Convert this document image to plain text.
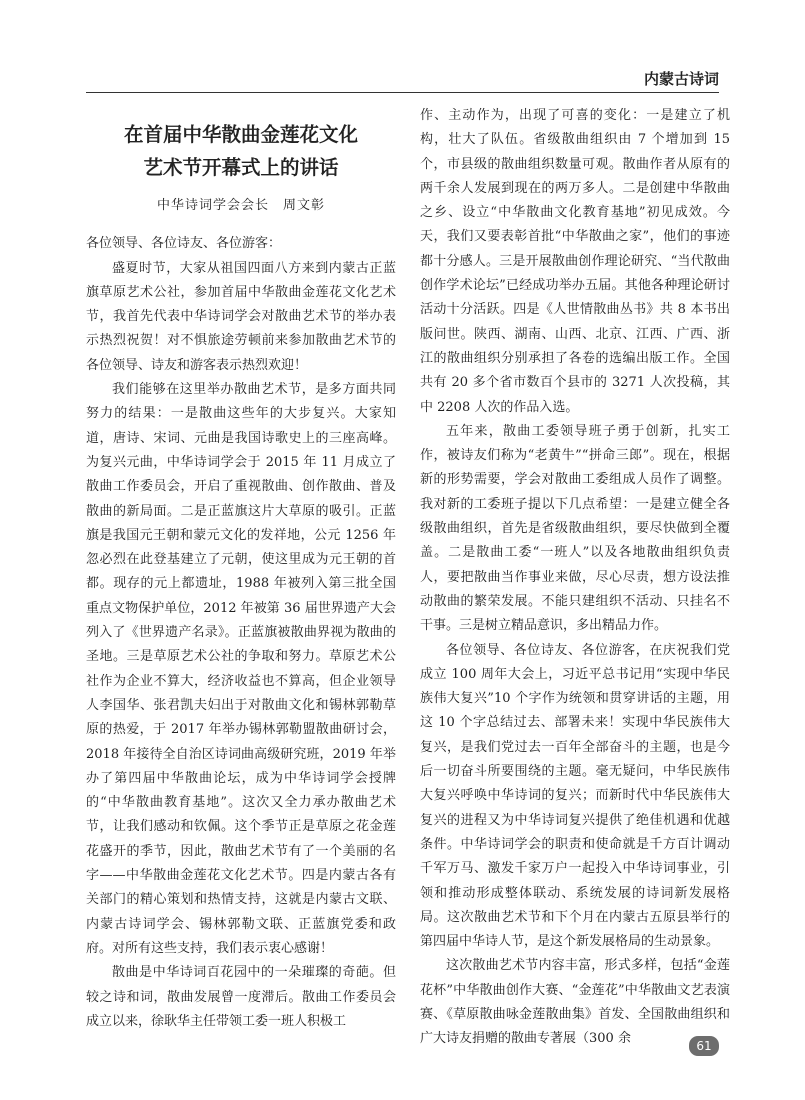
内蒙古诗词
在首届中华散曲金莲花文化
艺术节开幕式上的讲话
中华诗词学会会长　周文彰

各位领导、各位诗友、各位游客：

盛夏时节，大家从祖国四面八方来到内蒙古正蓝旗草原艺术公社，参加首届中华散曲金莲花文化艺术节，我首先代表中华诗词学会对散曲艺术节的举办表示热烈祝贺！对不惧旅途劳顿前来参加散曲艺术节的各位领导、诗友和游客表示热烈欢迎！

我们能够在这里举办散曲艺术节，是多方面共同努力的结果：一是散曲这些年的大步复兴。大家知道，唐诗、宋词、元曲是我国诗歌史上的三座高峰。为复兴元曲，中华诗词学会于 2015 年 11 月成立了散曲工作委员会，开启了重视散曲、创作散曲、普及散曲的新局面。二是正蓝旗这片大草原的吸引。正蓝旗是我国元王朝和蒙元文化的发祥地，公元 1256 年忽必烈在此登基建立了元朝，使这里成为元王朝的首都。现存的元上都遗址，1988 年被列入第三批全国重点文物保护单位，2012 年被第 36 届世界遗产大会列入了《世界遗产名录》。正蓝旗被散曲界视为散曲的圣地。三是草原艺术公社的争取和努力。草原艺术公社作为企业不算大，经济收益也不算高，但企业领导人李国华、张君凯夫妇出于对散曲文化和锡林郭勒草原的热爱，于 2017 年举办锡林郭勒盟散曲研讨会，2018 年接待全自治区诗词曲高级研究班，2019 年举办了第四届中华散曲论坛，成为中华诗词学会授牌的“中华散曲教育基地”。这次又全力承办散曲艺术节，让我们感动和钦佩。这个季节正是草原之花金莲花盛开的季节，因此，散曲艺术节有了一个美丽的名字——中华散曲金莲花文化艺术节。四是内蒙古各有关部门的精心策划和热情支持，这就是内蒙古文联、内蒙古诗词学会、锡林郭勒文联、正蓝旗党委和政府。对所有这些支持，我们表示衷心感谢！

散曲是中华诗词百花园中的一朵璀璨的奇葩。但较之诗和词，散曲发展曾一度滞后。散曲工作委员会成立以来，徐耿华主任带领工委一班人积极工

作、主动作为，出现了可喜的变化：一是建立了机构，壮大了队伍。省级散曲组织由 7 个增加到 15 个，市县级的散曲组织数量可观。散曲作者从原有的两千余人发展到现在的两万多人。二是创建中华散曲之乡、设立“中华散曲文化教育基地”初见成效。今天，我们又要表彰首批“中华散曲之家”，他们的事迹都十分感人。三是开展散曲创作理论研究、“当代散曲创作学术论坛”已经成功举办五届。其他各种理论研讨活动十分活跃。四是《人世情散曲丛书》共 8 本书出版问世。陕西、湖南、山西、北京、江西、广西、浙江的散曲组织分别承担了各卷的选编出版工作。全国共有 20 多个省市数百个县市的 3271 人次投稿，其中 2208 人次的作品入选。

五年来，散曲工委领导班子勇于创新，扎实工作，被诗友们称为“老黄牛”“拼命三郎”。现在，根据新的形势需要，学会对散曲工委组成人员作了调整。我对新的工委班子提以下几点希望：一是建立健全各级散曲组织，首先是省级散曲组织，要尽快做到全覆盖。二是散曲工委“一班人”以及各地散曲组织负责人，要把散曲当作事业来做，尽心尽责，想方设法推动散曲的繁荣发展。不能只建组织不活动、只挂名不干事。三是树立精品意识，多出精品力作。

各位领导、各位诗友、各位游客，在庆祝我们党成立 100 周年大会上，习近平总书记用“实现中华民族伟大复兴”10 个字作为统领和贯穿讲话的主题，用这 10 个字总结过去、部署未来！实现中华民族伟大复兴，是我们党过去一百年全部奋斗的主题，也是今后一切奋斗所要围绕的主题。毫无疑问，中华民族伟大复兴呼唤中华诗词的复兴；而新时代中华民族伟大复兴的进程又为中华诗词复兴提供了绝佳机遇和优越条件。中华诗词学会的职责和使命就是千方百计调动千军万马、激发千家万户一起投入中华诗词事业，引领和推动形成整体联动、系统发展的诗词新发展格局。这次散曲艺术节和下个月在内蒙古五原县举行的第四届中华诗人节，是这个新发展格局的生动景象。

这次散曲艺术节内容丰富，形式多样，包括“金莲花杯”中华散曲创作大赛、“金莲花”中华散曲文艺表演赛、《草原散曲咏金莲散曲集》首发、全国散曲组织和广大诗友捐赠的散曲专著展（300 余	61
